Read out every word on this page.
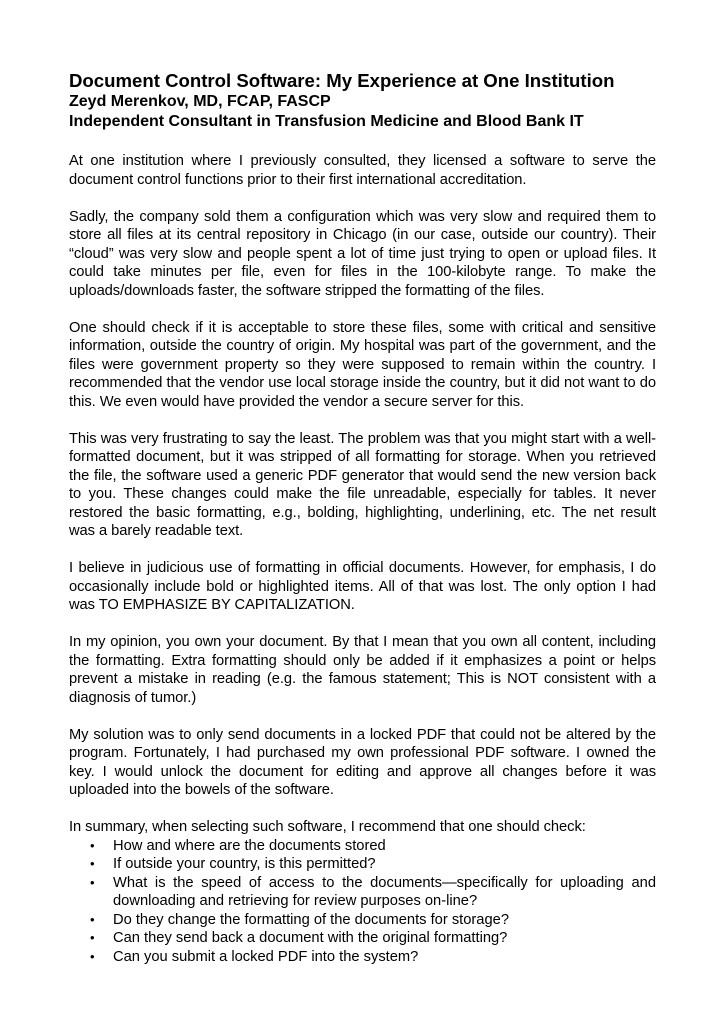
Document Control Software: My Experience at One Institution
Zeyd Merenkov, MD, FCAP, FASCP
Independent Consultant in Transfusion Medicine and Blood Bank IT

At one institution where I previously consulted, they licensed a software to serve the document control functions prior to their first international accreditation.

Sadly, the company sold them a configuration which was very slow and required them to store all files at its central repository in Chicago (in our case, outside our country). Their “cloud” was very slow and people spent a lot of time just trying to open or upload files. It could take minutes per file, even for files in the 100-kilobyte range. To make the uploads/downloads faster, the software stripped the formatting of the files.

One should check if it is acceptable to store these files, some with critical and sensitive information, outside the country of origin. My hospital was part of the government, and the files were government property so they were supposed to remain within the country. I recommended that the vendor use local storage inside the country, but it did not want to do this. We even would have provided the vendor a secure server for this.

This was very frustrating to say the least. The problem was that you might start with a well-formatted document, but it was stripped of all formatting for storage. When you retrieved the file, the software used a generic PDF generator that would send the new version back to you. These changes could make the file unreadable, especially for tables. It never restored the basic formatting, e.g., bolding, highlighting, underlining, etc. The net result was a barely readable text.

I believe in judicious use of formatting in official documents. However, for emphasis, I do occasionally include bold or highlighted items. All of that was lost. The only option I had was TO EMPHASIZE BY CAPITALIZATION.

In my opinion, you own your document. By that I mean that you own all content, including the formatting. Extra formatting should only be added if it emphasizes a point or helps prevent a mistake in reading (e.g. the famous statement; This is NOT consistent with a diagnosis of tumor.)

My solution was to only send documents in a locked PDF that could not be altered by the program. Fortunately, I had purchased my own professional PDF software. I owned the key. I would unlock the document for editing and approve all changes before it was uploaded into the bowels of the software.

In summary, when selecting such software, I recommend that one should check:

• How and where are the documents stored
• If outside your country, is this permitted?
• What is the speed of access to the documents—specifically for uploading and downloading and retrieving for review purposes on-line?
• Do they change the formatting of the documents for storage?
• Can they send back a document with the original formatting?
• Can you submit a locked PDF into the system?
